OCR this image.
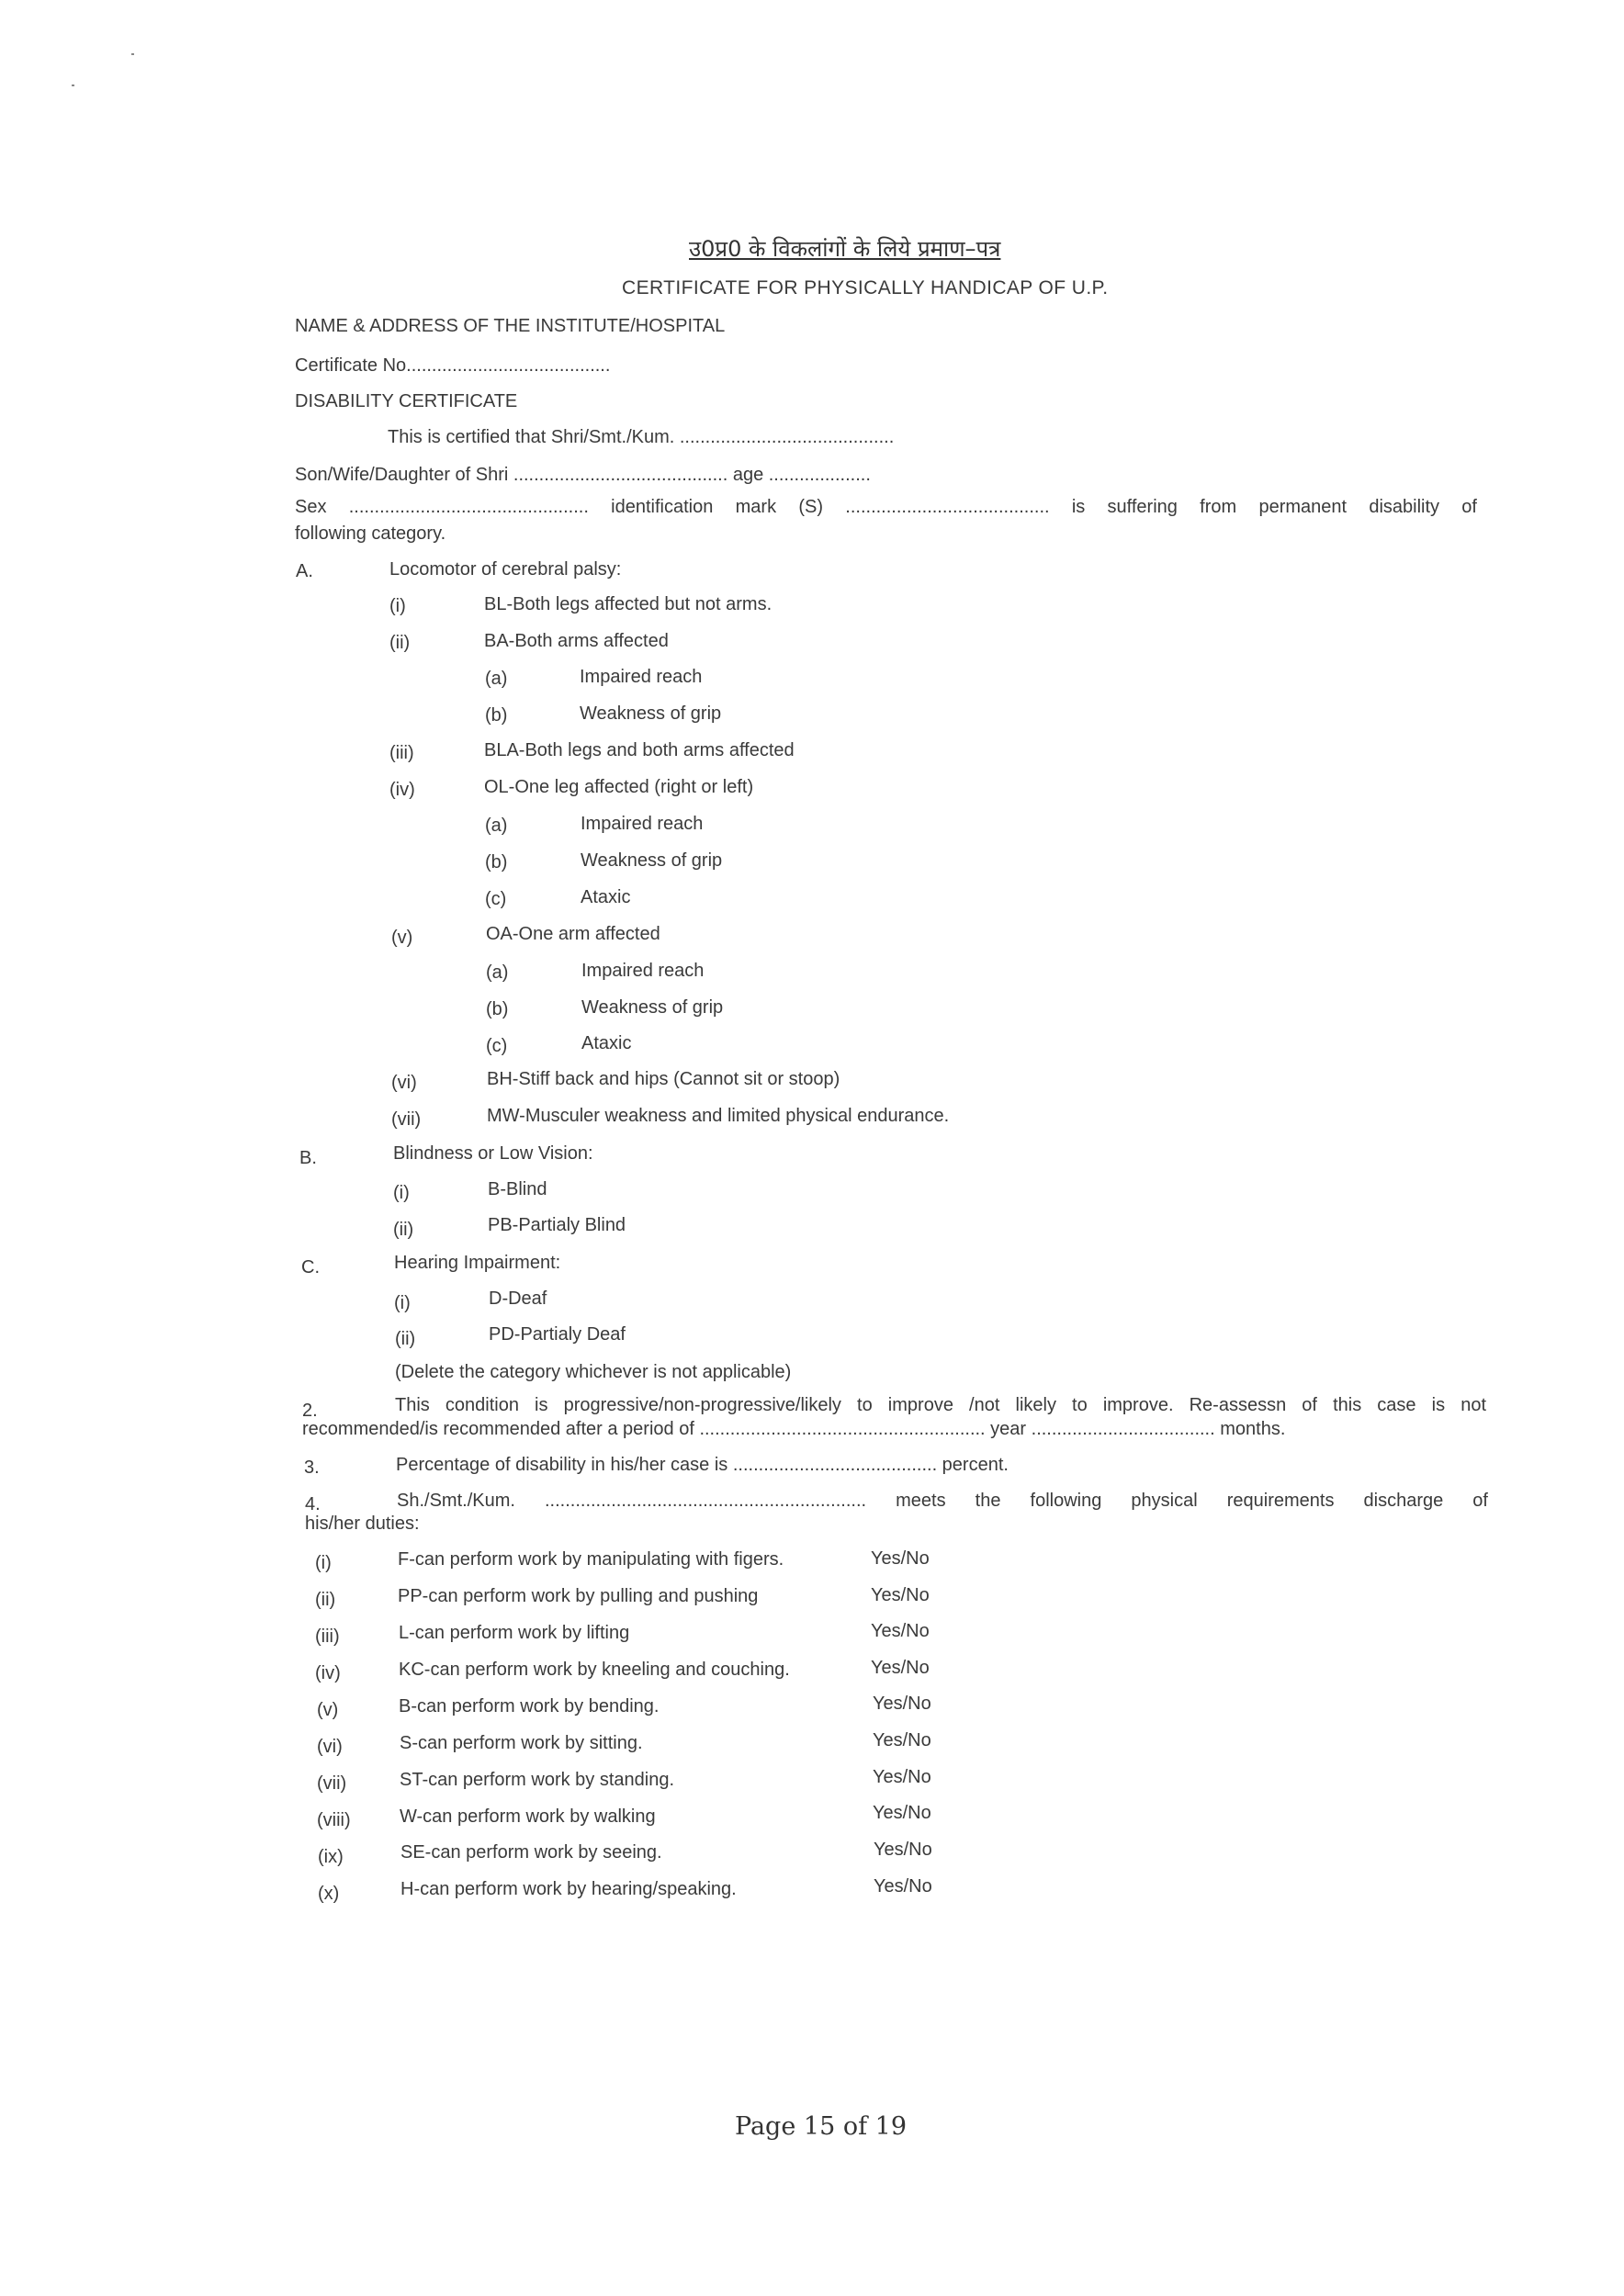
उ0प्र0 के विकलांगों के लिये प्रमाण–पत्र
CERTIFICATE FOR PHYSICALLY HANDICAP OF U.P.
NAME & ADDRESS OF THE INSTITUTE/HOSPITAL
Certificate No........................................
DISABILITY CERTIFICATE
This is certified that Shri/Smt./Kum. ..........................................
Son/Wife/Daughter of Shri .......................................... age ....................
Sex ............................................... identification mark (S) ........................................ is suffering from permanent disability of
following category.
A.	Locomotor of cerebral palsy:
(i)	BL-Both legs affected but not arms.
(ii)	BA-Both arms affected
(a)	Impaired reach
(b)	Weakness of grip
(iii)	BLA-Both legs and both arms affected
(iv)	OL-One leg affected (right or left)
(a)	Impaired reach
(b)	Weakness of grip
(c)	Ataxic
(v)	OA-One arm affected
(a)	Impaired reach
(b)	Weakness of grip
(c)	Ataxic
(vi)	BH-Stiff back and hips (Cannot sit or stoop)
(vii)	MW-Musculer weakness and limited physical endurance.
B.	Blindness or Low Vision:
(i)	B-Blind
(ii)	PB-Partialy Blind
C.	Hearing Impairment:
(i)	D-Deaf
(ii)	PD-Partialy Deaf
(Delete the category whichever is not applicable)
2.	This condition is progressive/non-progressive/likely to improve /not likely to improve. Re-assessn of this case is not
recommended/is recommended after a period of ........................................................ year .................................... months.
3.	Percentage of disability in his/her case is ........................................ percent.
4.	Sh./Smt./Kum. ............................................................... meets the following physical requirements discharge of
his/her duties:
(i)	F-can perform work by manipulating with figers.	Yes/No
(ii)	PP-can perform work by pulling and pushing	Yes/No
(iii)	L-can perform work by lifting	Yes/No
(iv)	KC-can perform work by kneeling and couching.	Yes/No
(v)	B-can perform work by bending.	Yes/No
(vi)	S-can perform work by sitting.	Yes/No
(vii)	ST-can perform work by standing.	Yes/No
(viii)	W-can perform work by walking	Yes/No
(ix)	SE-can perform work by seeing.	Yes/No
(x)	H-can perform work by hearing/speaking.	Yes/No
Page 15 of 19
